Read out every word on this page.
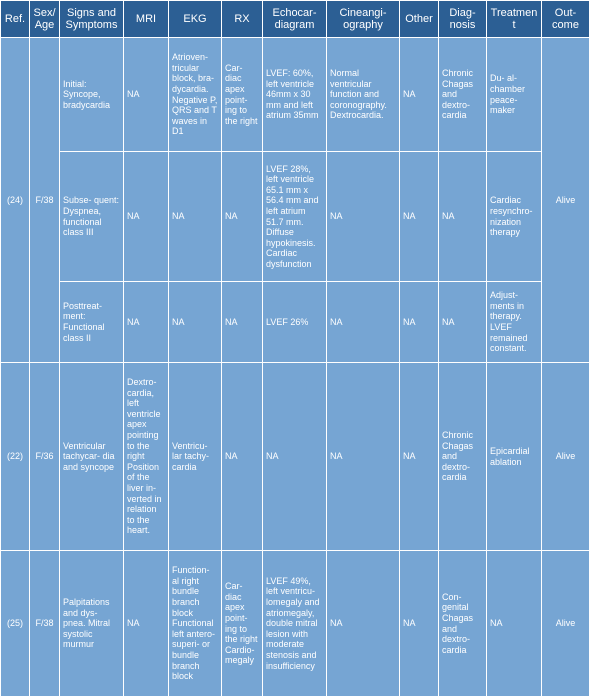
Ref.	Sex/ Age	Signs and Symptoms	MRI	EKG	RX	Echocar- diagram	Cineangi- ography	Other	Diag- nosis	Treatment	Out- come
(24)	F/38	Initial: Syncope, bradycardia	NA	Atrioven- tricular block, bra- dycardia. Negative P, QRS and T waves in D1	Car- diac apex point- ing to the right	LVEF: 60%, left ventricle 46mm x 30 mm and left atrium 35mm	Normal ventricular function and coronography. Dextrocardia.	NA	Chronic Chagas and dextro- cardia	Du- al-chamber peace- maker	Alive
		Subse- quent: Dyspnea, functional class III	NA	NA	NA	LVEF 28%, left ventricle 65.1 mm x 56.4 mm and left atrium 51.7 mm. Diffuse hypokinesis. Cardiac dysfunction	NA	NA	NA	Cardiac resynchro- nization therapy	
		Posttreat- ment: Functional class II	NA	NA	NA	LVEF 26%	NA	NA	NA	Adjust- ments in therapy. LVEF remained constant.	
(22)	F/36	Ventricular tachycar- dia and syncope	Dextro- cardia, left ventricle apex pointing to the right Position of the liver in- verted in relation to the heart.	Ventricu- lar tachy- cardia	NA	NA	NA	NA	Chronic Chagas and dextro- cardia	Epicardial ablation	Alive
(25)	F/38	Palpitations and dys- pnea. Mitral systolic murmur	NA	Function- al right bundle branch block Functional left antero-superi- or bundle branch block	Car- diac apex point- ing to the right Cardio- megaly	LVEF 49%, left ventricu- lomegaly and atriomegaly, double mitral lesion with moderate stenosis and insufficiency	NA	NA	Con- genital Chagas and dextro- cardia	NA	Alive
